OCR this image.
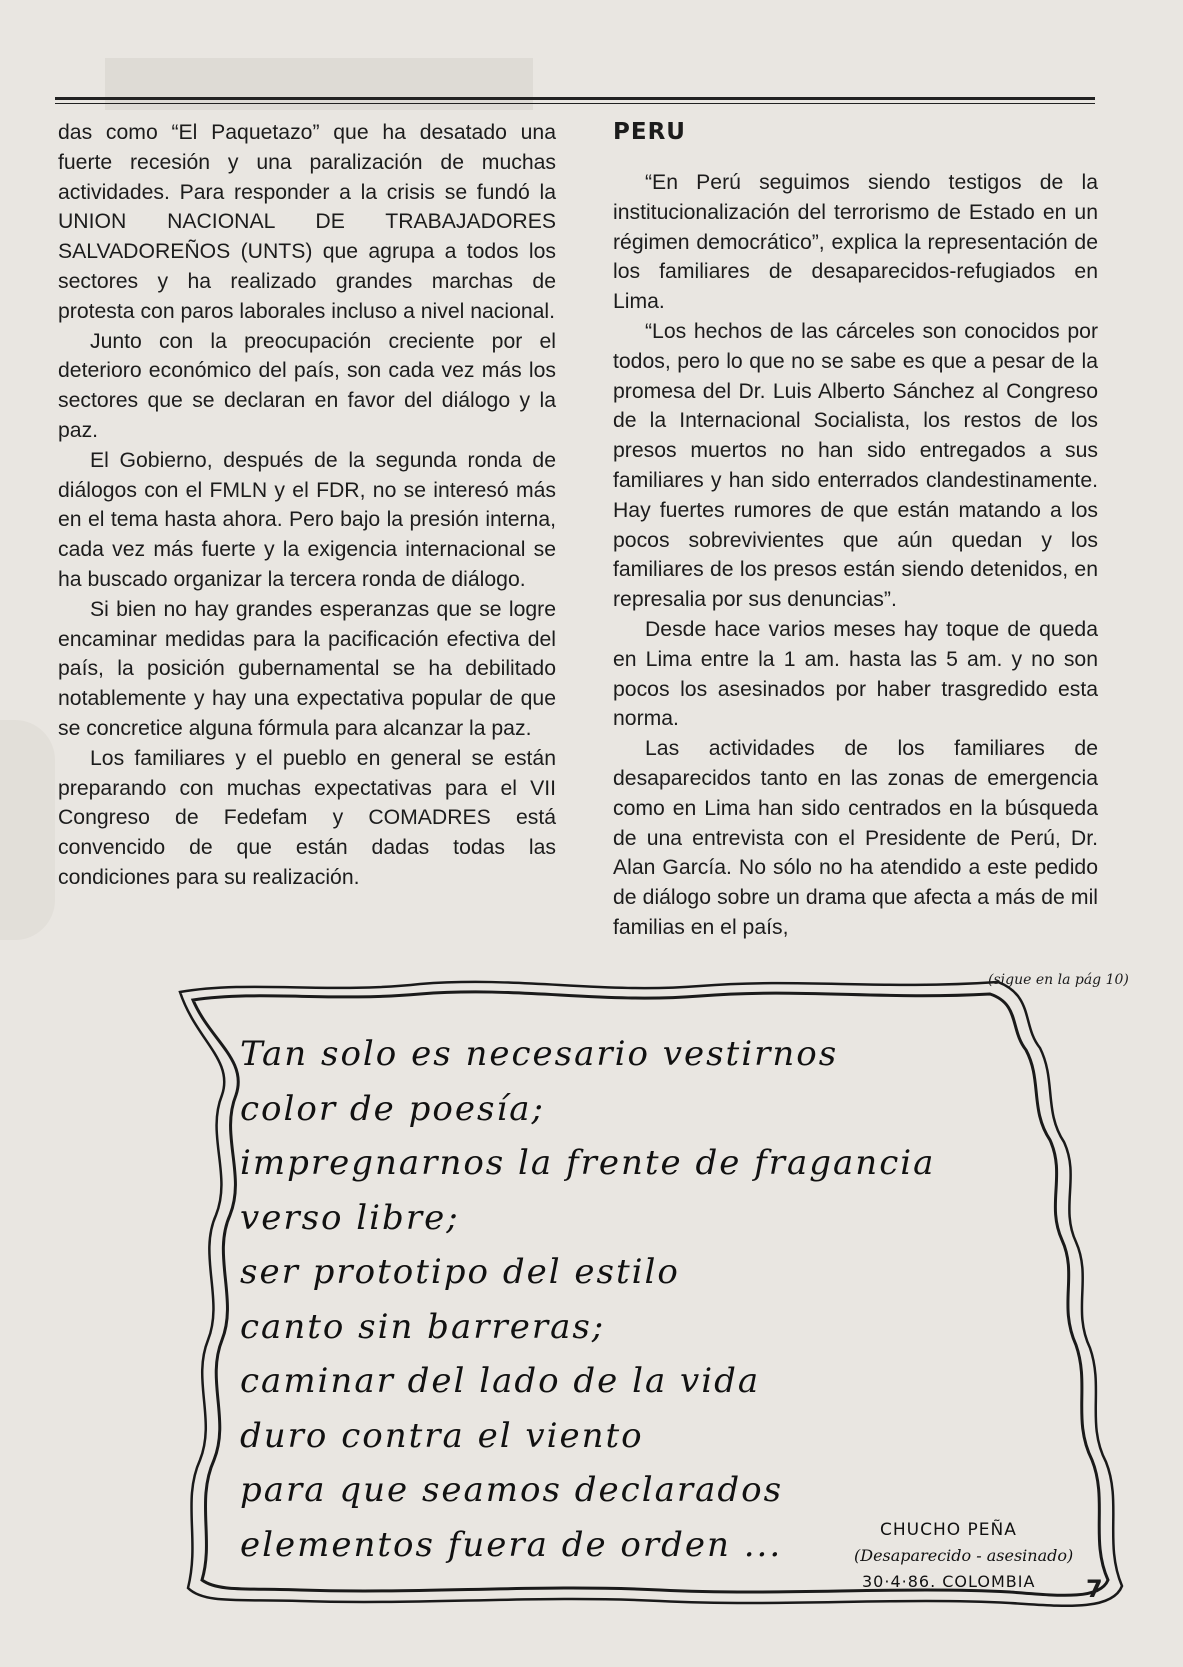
das como “El Paquetazo” que ha desatado una fuerte recesión y una paralización de muchas actividades. Para responder a la crisis se fundó la UNION NACIONAL DE TRABAJADORES SALVADOREÑOS (UNTS) que agrupa a todos los sectores y ha realizado grandes marchas de protesta con paros laborales incluso a nivel nacional.

Junto con la preocupación creciente por el deterioro económico del país, son cada vez más los sectores que se declaran en favor del diálogo y la paz.

El Gobierno, después de la segunda ronda de diálogos con el FMLN y el FDR, no se interesó más en el tema hasta ahora. Pero bajo la presión interna, cada vez más fuerte y la exigencia internacional se ha buscado organizar la tercera ronda de diálogo.

Si bien no hay grandes esperanzas que se logre encaminar medidas para la pacificación efectiva del país, la posición gubernamental se ha debilitado notablemente y hay una expectativa popular de que se concretice alguna fórmula para alcanzar la paz.

Los familiares y el pueblo en general se están preparando con muchas expectativas para el VII Congreso de Fedefam y COMADRES está convencido de que están dadas todas las condiciones para su realización.

PERU

“En Perú seguimos siendo testigos de la institucionalización del terrorismo de Estado en un régimen democrático”, explica la representación de los familiares de desaparecidos-refugiados en Lima.

“Los hechos de las cárceles son conocidos por todos, pero lo que no se sabe es que a pesar de la promesa del Dr. Luis Alberto Sánchez al Congreso de la Internacional Socialista, los restos de los presos muertos no han sido entregados a sus familiares y han sido enterrados clandestinamente. Hay fuertes rumores de que están matando a los pocos sobrevivientes que aún quedan y los familiares de los presos están siendo detenidos, en represalia por sus denuncias”.

Desde hace varios meses hay toque de queda en Lima entre la 1 am. hasta las 5 am. y no son pocos los asesinados por haber trasgredido esta norma.

Las actividades de los familiares de desaparecidos tanto en las zonas de emergencia como en Lima han sido centrados en la búsqueda de una entrevista con el Presidente de Perú, Dr. Alan García. No sólo no ha atendido a este pedido de diálogo sobre un drama que afecta a más de mil familias en el país,

(sigue en la pág 10)
Tan solo es necesario vestirnos
color de poesía;
impregnarnos la frente de fragancia
verso libre;
ser prototipo del estilo
canto sin barreras;
caminar del lado de la vida
duro contra el viento
para que seamos declarados
elementos fuera de orden ...	CHUCHO PEÑA
(Desaparecido - asesinado)
30·4·86. COLOMBIA 7
